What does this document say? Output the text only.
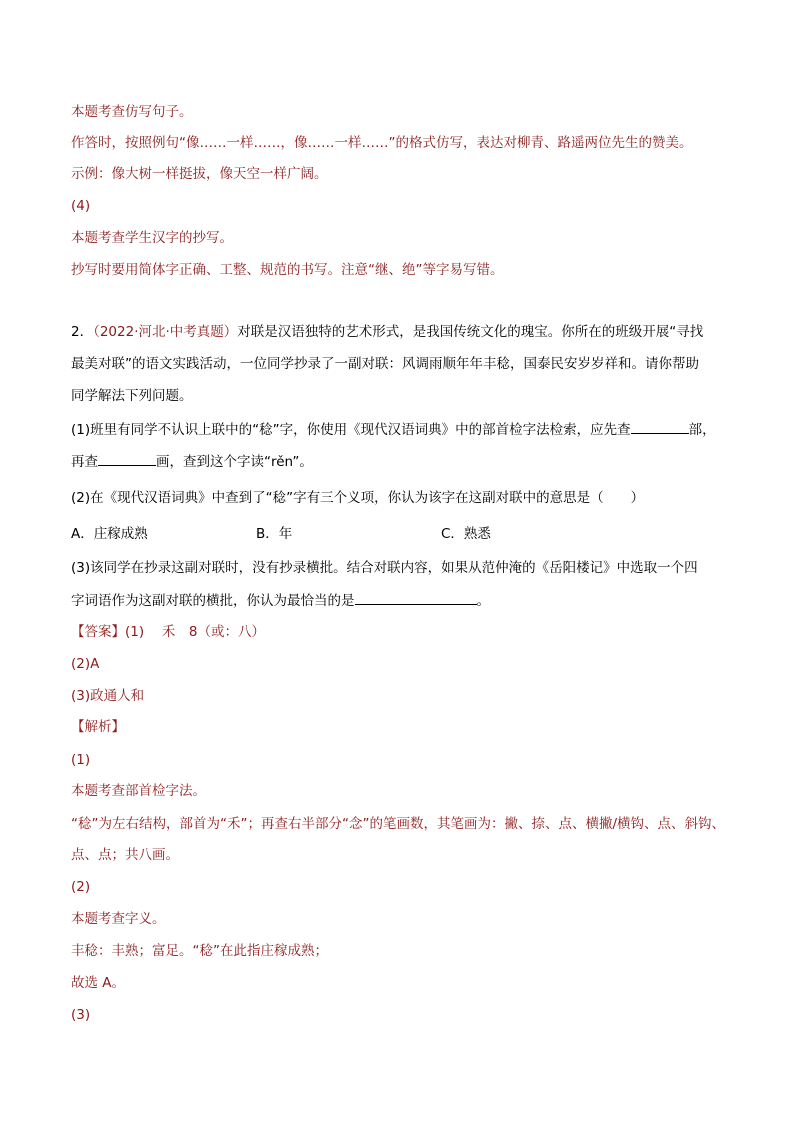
本题考查仿写句子。
作答时，按照例句“像……一样……，像……一样……”的格式仿写，表达对柳青、路遥两位先生的赞美。
示例：像大树一样挺拔，像天空一样广阔。
(4)
本题考查学生汉字的抄写。
抄写时要用简体字正确、工整、规范的书写。注意“继、绝”等字易写错。
2．（2022·河北·中考真题）对联是汉语独特的艺术形式，是我国传统文化的瑰宝。你所在的班级开展“寻找
最美对联”的语文实践活动，一位同学抄录了一副对联：风调雨顺年年丰稔，国泰民安岁岁祥和。请你帮助
同学解法下列问题。
(1)班里有同学不认识上联中的“稔”字，你使用《现代汉语词典》中的部首检字法检索，应先查	部，
再查	画，查到这个字读“rěn”。
(2)在《现代汉语词典》中查到了“稔”字有三个义项，你认为该字在这副对联中的意思是（　　）
A．庄稼成熟	B．年	C．熟悉
(3)该同学在抄录这副对联时，没有抄录横批。结合对联内容，如果从范仲淹的《岳阳楼记》中选取一个四
字词语作为这副对联的横批，你认为最恰当的是	。
【答案】(1)　 禾　8（或：八）
(2)A
(3)政通人和
【解析】
(1)
本题考查部首检字法。
“稔”为左右结构，部首为“禾”；再查右半部分“念”的笔画数，其笔画为：撇、捺、点、横撇/横钩、点、斜钩、
点、点；共八画。
(2)
本题考查字义。
丰稔：丰熟；富足。“稔”在此指庄稼成熟；
故选 A。
(3)
